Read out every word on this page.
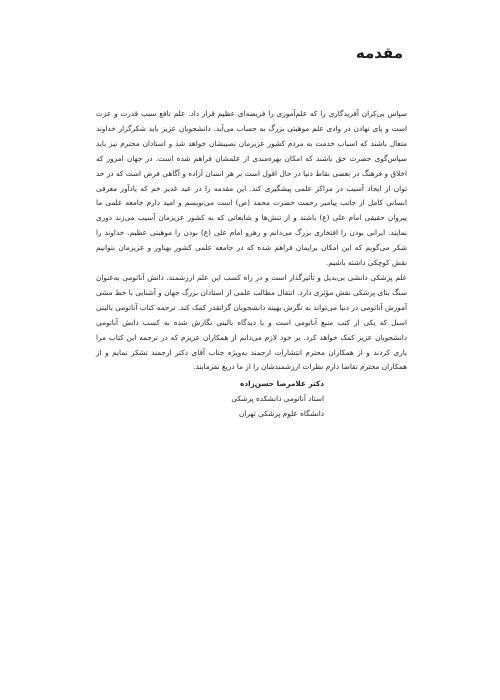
مقدمه

سپاس بی‌کران آفریدگاری را که علم‌آموزی را فریضه‌ای عظیم قرار داد. علم نافع سبب قدرت و عزت است و پای نهادن در وادی علم موهبتی بزرگ به حساب می‌آید. دانشجویان عزیز باید شکرگزار خداوند متعال باشند که اسباب خدمت به مردم کشور عزیزمان نصیبشان خواهد شد و استادان محترم نیز باید سپاس‌گوی حضرت حق باشند که امکان بهره‌مندی از علمشان فراهم شده است. در جهان امروز که اخلاق و فرهنگ در بعضی نقاط دنیا در حال افول است بر هر انسان آزاده و آگاهی فرض است که در حد توان از ایجاد آسیب در مراکز علمی پیشگیری کند. این مقدمه را در عید غدیر خم که یادآور معرفی انسانی کامل از جانب پیامبر رحمت حضرت محمد (ص) است می‌نویسم و امید دارم جامعه علمی ما پیروان حقیقی امام علی (ع) باشند و از تنش‌ها و شایعاتی که به کشور عزیزمان آسیب می‌زند دوری نمایند. ایرانی بودن را افتخاری بزرگ می‌دانم و رهرو امام علی (ع) بودن را موهبتی عظیم. خداوند را شکر می‌گویم که این امکان برایمان فراهم شده که در جامعه علمی کشور بهناور و عزیزمان بتوانیم نقش کوچکی داشته باشیم.

علم پزشکی دانشی بی‌بدیل و تأثیرگذار است و در راه کسب این علم ارزشمند، دانش آناتومی به‌عنوان سنگ بنای پزشکی نقش مؤثری دارد. انتقال مطالب علمی از استادان بزرگ جهان و آشنایی با خط مشی آموزش آناتومی در دنیا می‌تواند به نگرش بهینه دانشجویان گرانقدر کمک کند. ترجمه کتاب آناتومی بالینی اسنل که یکی از کتب منبع آناتومی است و با دیدگاه بالینی نگارش شده به کسب دانش آناتومی دانشجویان عزیز کمک خواهد کرد. بر خود لازم می‌دانم از همکاران عزیزم که در ترجمه این کتاب مرا یاری کردند و از همکاران محترم انتشارات ارجمند به‌ویژه جناب آقای دکتر ارجمند تشکر نمایم و از همکاران محترم تقاضا دارم نظرات ارزشمندشان را از ما دریغ نفرمایند.

دکتر غلامرضا حسن‌زاده
استاد آناتومی دانشکده پزشکی
دانشگاه علوم پزشکی تهران
